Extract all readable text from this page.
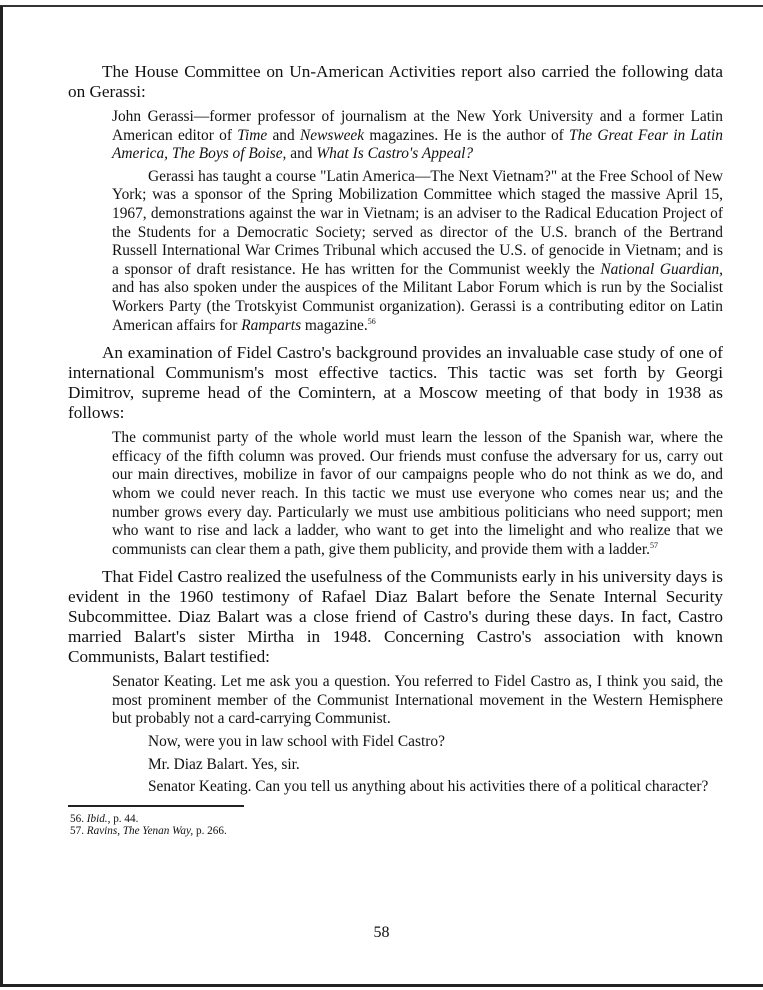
The House Committee on Un-American Activities report also carried the following data on Gerassi:

John Gerassi—former professor of journalism at the New York University and a former Latin American editor of Time and Newsweek magazines. He is the author of The Great Fear in Latin America, The Boys of Boise, and What Is Castro's Appeal?

Gerassi has taught a course "Latin America—The Next Vietnam?" at the Free School of New York; was a sponsor of the Spring Mobilization Committee which staged the massive April 15, 1967, demonstrations against the war in Vietnam; is an adviser to the Radical Education Project of the Students for a Democratic Society; served as director of the U.S. branch of the Bertrand Russell International War Crimes Tribunal which accused the U.S. of genocide in Vietnam; and is a sponsor of draft resistance. He has written for the Communist weekly the National Guardian, and has also spoken under the auspices of the Militant Labor Forum which is run by the Socialist Workers Party (the Trotskyist Communist organization). Gerassi is a contributing editor on Latin American affairs for Ramparts magazine.$^{56}$

An examination of Fidel Castro's background provides an invaluable case study of one of international Communism's most effective tactics. This tactic was set forth by Georgi Dimitrov, supreme head of the Comintern, at a Moscow meeting of that body in 1938 as follows:

The communist party of the whole world must learn the lesson of the Spanish war, where the efficacy of the fifth column was proved. Our friends must confuse the adversary for us, carry out our main directives, mobilize in favor of our campaigns people who do not think as we do, and whom we could never reach. In this tactic we must use everyone who comes near us; and the number grows every day. Particularly we must use ambitious politicians who need support; men who want to rise and lack a ladder, who want to get into the limelight and who realize that we communists can clear them a path, give them publicity, and provide them with a ladder.$^{57}$

That Fidel Castro realized the usefulness of the Communists early in his university days is evident in the 1960 testimony of Rafael Diaz Balart before the Senate Internal Security Subcommittee. Diaz Balart was a close friend of Castro's during these days. In fact, Castro married Balart's sister Mirtha in 1948. Concerning Castro's association with known Communists, Balart testified:

Senator Keating. Let me ask you a question. You referred to Fidel Castro as, I think you said, the most prominent member of the Communist International movement in the Western Hemisphere but probably not a card-carrying Communist.

Now, were you in law school with Fidel Castro?

Mr. Diaz Balart. Yes, sir.

Senator Keating. Can you tell us anything about his activities there of a political character?

56. Ibid., p. 44.
57. Ravins, The Yenan Way, p. 266.
58
